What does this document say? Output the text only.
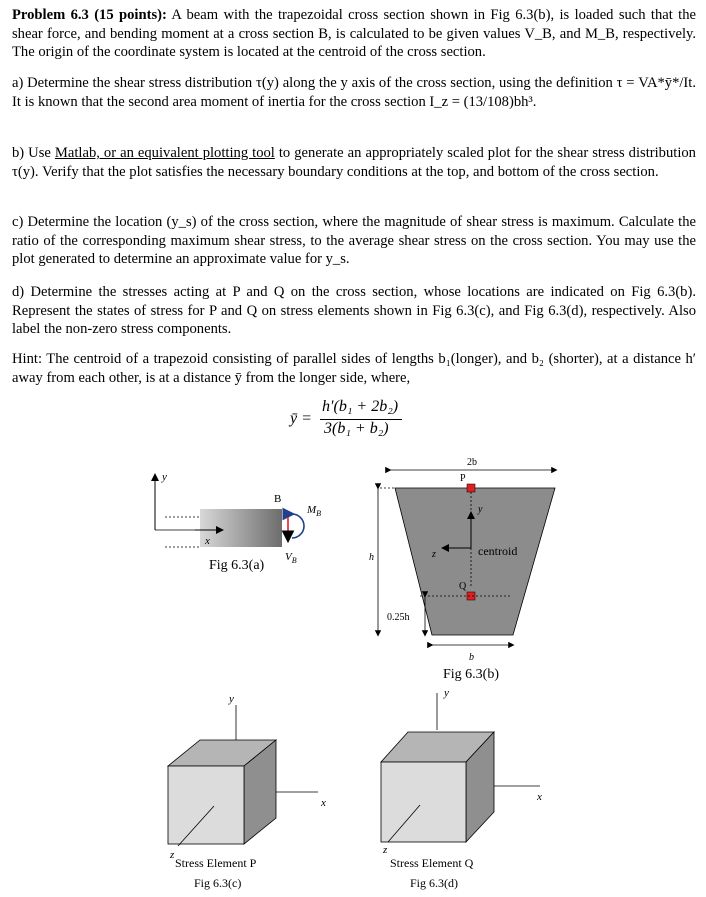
Problem 6.3 (15 points): A beam with the trapezoidal cross section shown in Fig 6.3(b), is loaded such that the shear force, and bending moment at a cross section B, is calculated to be given values V_B, and M_B, respectively. The origin of the coordinate system is located at the centroid of the cross section.

a) Determine the shear stress distribution τ(y) along the y axis of the cross section, using the definition τ = VA*ȳ*/It. It is known that the second area moment of inertia for the cross section I_z = (13/108)bh³.

b) Use Matlab, or an equivalent plotting tool to generate an appropriately scaled plot for the shear stress distribution τ(y). Verify that the plot satisfies the necessary boundary conditions at the top, and bottom of the cross section.

c) Determine the location (y_s) of the cross section, where the magnitude of shear stress is maximum. Calculate the ratio of the corresponding maximum shear stress, to the average shear stress on the cross section. You may use the plot generated to determine an approximate value for y_s.

d) Determine the stresses acting at P and Q on the cross section, whose locations are indicated on Fig 6.3(b). Represent the states of stress for P and Q on stress elements shown in Fig 6.3(c), and Fig 6.3(d), respectively. Also label the non-zero stress components.

Hint: The centroid of a trapezoid consisting of parallel sides of lengths b₁(longer), and b₂ (shorter), at a distance h′ away from each other, is at a distance ȳ from the longer side, where,

ȳ =
h′(b₁ + 2b₂)
3(b₁ + b₂)
y
x
B
$M_B$
$V_B$
Fig 6.3(a)
2b
h
P
y
z	centroid
Q
0.25h
b
Fig 6.3(b)
y
x
z
Stress Element P
Fig 6.3(c)
y
x
z
Stress Element Q
Fig 6.3(d)
